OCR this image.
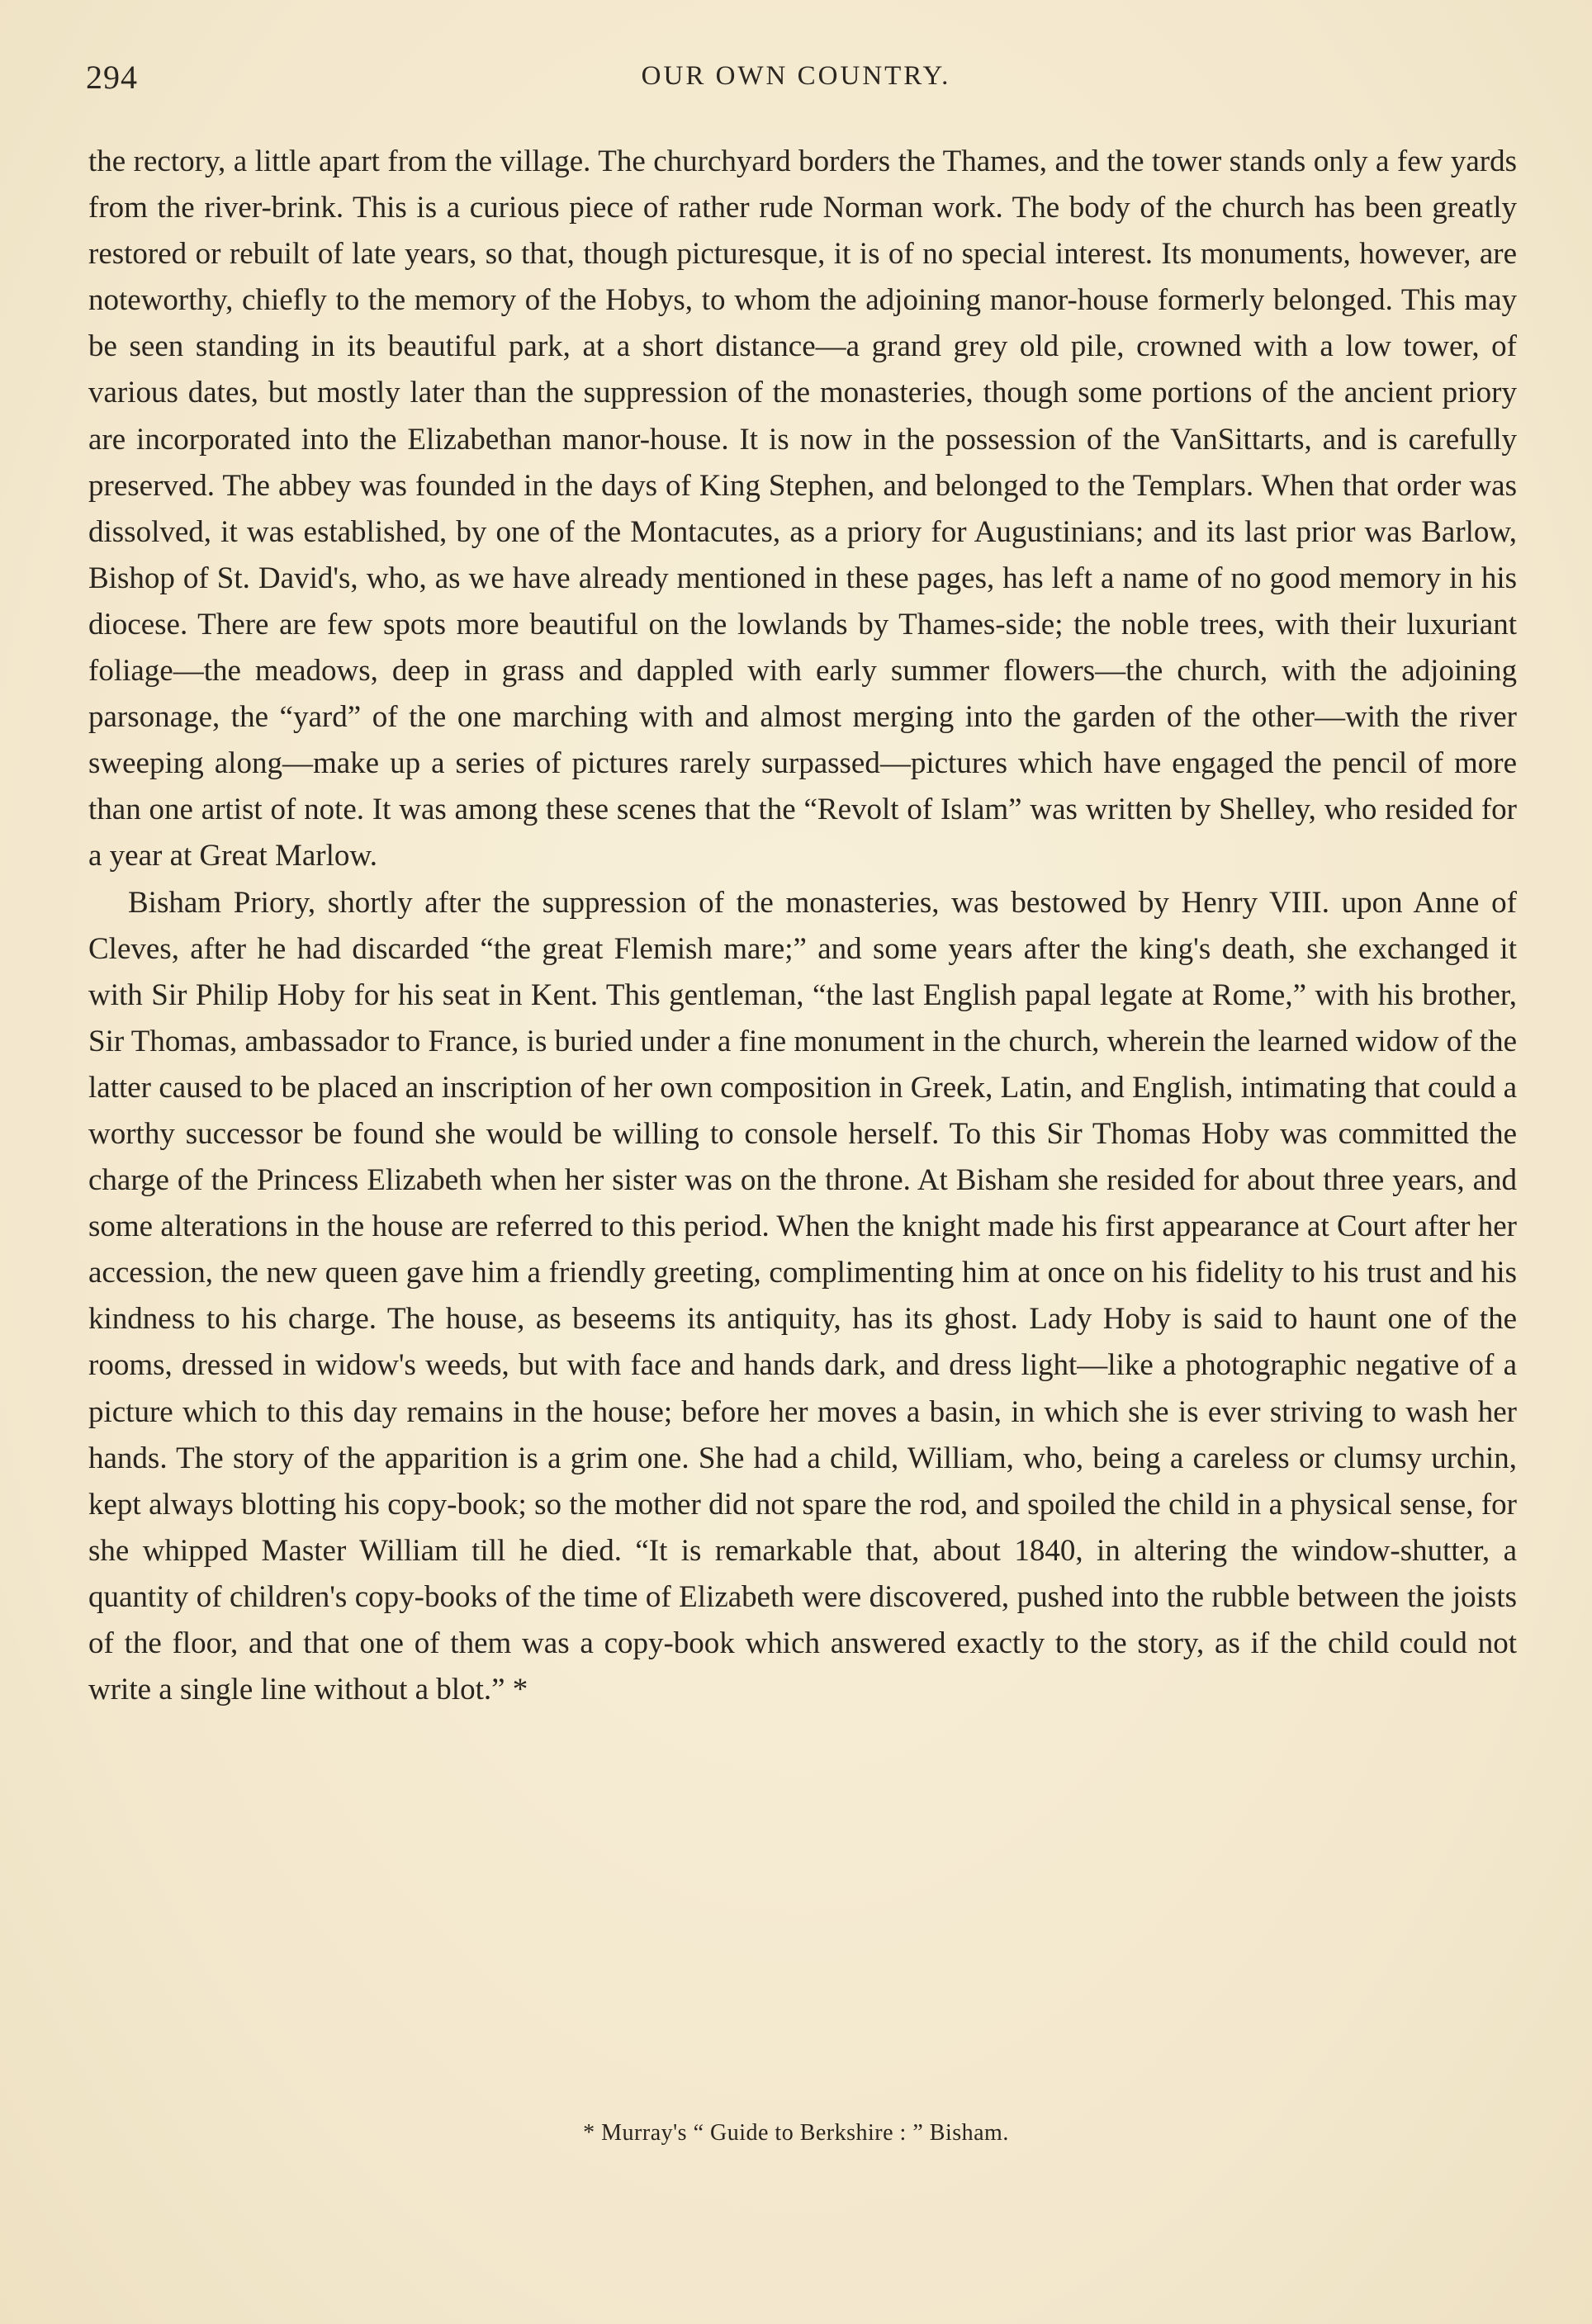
294	OUR OWN COUNTRY.

the rectory, a little apart from the village. The churchyard borders the Thames, and the tower stands only a few yards from the river-brink. This is a curious piece of rather rude Norman work. The body of the church has been greatly restored or rebuilt of late years, so that, though picturesque, it is of no special interest. Its monuments, however, are noteworthy, chiefly to the memory of the Hobys, to whom the adjoining manor-house formerly belonged. This may be seen standing in its beautiful park, at a short distance—a grand grey old pile, crowned with a low tower, of various dates, but mostly later than the suppression of the monasteries, though some portions of the ancient priory are incorporated into the Elizabethan manor-house. It is now in the possession of the VanSittarts, and is carefully preserved. The abbey was founded in the days of King Stephen, and belonged to the Templars. When that order was dissolved, it was established, by one of the Montacutes, as a priory for Augustinians; and its last prior was Barlow, Bishop of St. David's, who, as we have already mentioned in these pages, has left a name of no good memory in his diocese. There are few spots more beautiful on the lowlands by Thames-side; the noble trees, with their luxuriant foliage—the meadows, deep in grass and dappled with early summer flowers—the church, with the adjoining parsonage, the “yard” of the one marching with and almost merging into the garden of the other—with the river sweeping along—make up a series of pictures rarely surpassed—pictures which have engaged the pencil of more than one artist of note. It was among these scenes that the “Revolt of Islam” was written by Shelley, who resided for a year at Great Marlow.

Bisham Priory, shortly after the suppression of the monasteries, was bestowed by Henry VIII. upon Anne of Cleves, after he had discarded “the great Flemish mare;” and some years after the king's death, she exchanged it with Sir Philip Hoby for his seat in Kent. This gentleman, “the last English papal legate at Rome,” with his brother, Sir Thomas, ambassador to France, is buried under a fine monument in the church, wherein the learned widow of the latter caused to be placed an inscription of her own composition in Greek, Latin, and English, intimating that could a worthy successor be found she would be willing to console herself. To this Sir Thomas Hoby was committed the charge of the Princess Elizabeth when her sister was on the throne. At Bisham she resided for about three years, and some alterations in the house are referred to this period. When the knight made his first appearance at Court after her accession, the new queen gave him a friendly greeting, complimenting him at once on his fidelity to his trust and his kindness to his charge. The house, as beseems its antiquity, has its ghost. Lady Hoby is said to haunt one of the rooms, dressed in widow's weeds, but with face and hands dark, and dress light—like a photographic negative of a picture which to this day remains in the house; before her moves a basin, in which she is ever striving to wash her hands. The story of the apparition is a grim one. She had a child, William, who, being a careless or clumsy urchin, kept always blotting his copy-book; so the mother did not spare the rod, and spoiled the child in a physical sense, for she whipped Master William till he died. “It is remarkable that, about 1840, in altering the window-shutter, a quantity of children's copy-books of the time of Elizabeth were discovered, pushed into the rubble between the joists of the floor, and that one of them was a copy-book which answered exactly to the story, as if the child could not write a single line without a blot.” *

* Murray's “ Guide to Berkshire : ” Bisham.
